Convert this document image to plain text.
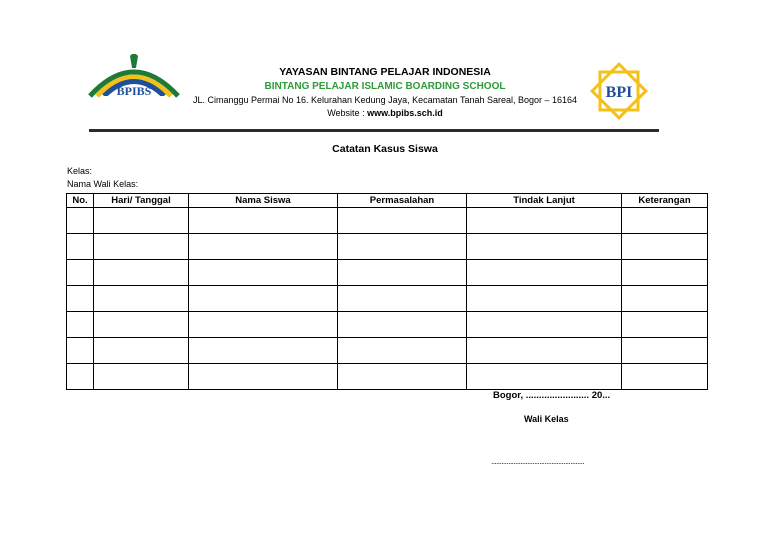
BPIBS	BPI
YAYASAN BINTANG PELAJAR INDONESIA
BINTANG PELAJAR ISLAMIC BOARDING SCHOOL
JL. Cimanggu Permai No 16. Kelurahan Kedung Jaya, Kecamatan Tanah Sareal, Bogor – 16164
Website : www.bpibs.sch.id
Catatan Kasus Siswa
Kelas:
Nama Wali Kelas:
No.	Hari/ Tanggal	Nama Siswa	Permasalahan	Tindak Lanjut	Keterangan

Bogor, ........................ 20...
Wali Kelas
......................................................
